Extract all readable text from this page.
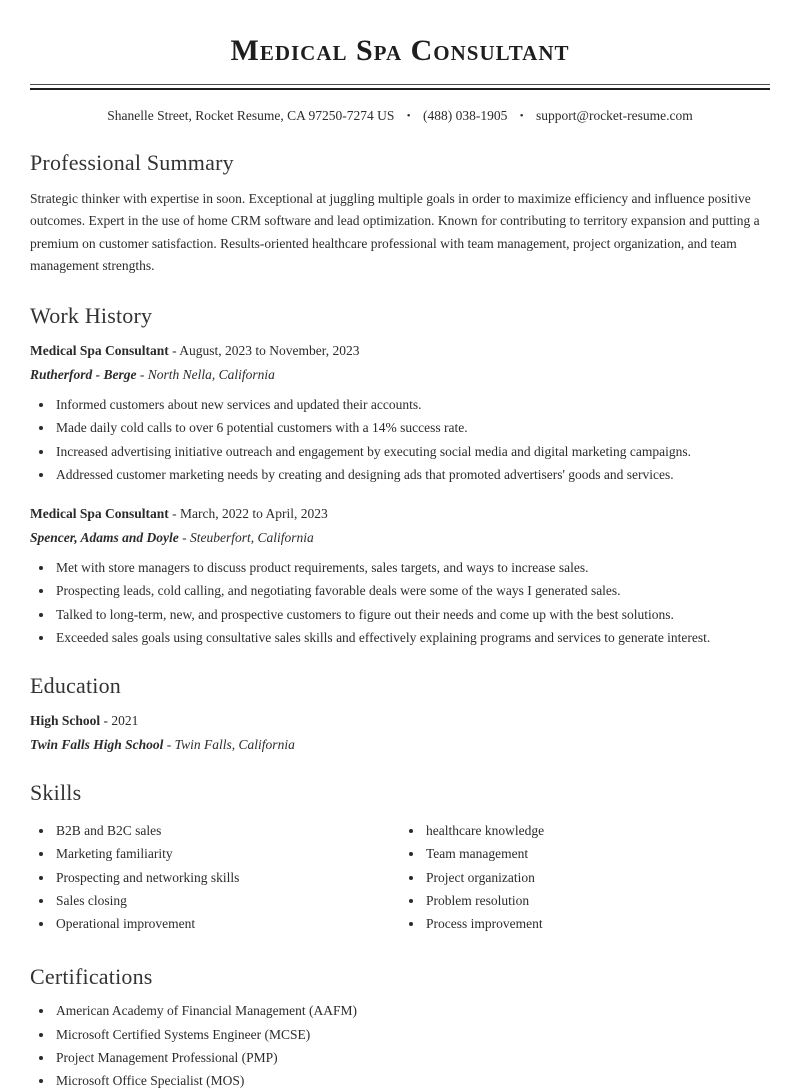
Medical Spa Consultant
Shanelle Street, Rocket Resume, CA 97250-7274 US • (488) 038-1905 • support@rocket-resume.com
Professional Summary

Strategic thinker with expertise in soon. Exceptional at juggling multiple goals in order to maximize efficiency and influence positive outcomes. Expert in the use of home CRM software and lead optimization. Known for contributing to territory expansion and putting a premium on customer satisfaction. Results-oriented healthcare professional with team management, project organization, and team management strengths.

Work History

Medical Spa Consultant - August, 2023 to November, 2023

Rutherford - Berge - North Nella, California

• Informed customers about new services and updated their accounts.
• Made daily cold calls to over 6 potential customers with a 14% success rate.
• Increased advertising initiative outreach and engagement by executing social media and digital marketing campaigns.
• Addressed customer marketing needs by creating and designing ads that promoted advertisers' goods and services.

Medical Spa Consultant - March, 2022 to April, 2023

Spencer, Adams and Doyle - Steuberfort, California

• Met with store managers to discuss product requirements, sales targets, and ways to increase sales.
• Prospecting leads, cold calling, and negotiating favorable deals were some of the ways I generated sales.
• Talked to long-term, new, and prospective customers to figure out their needs and come up with the best solutions.
• Exceeded sales goals using consultative sales skills and effectively explaining programs and services to generate interest.
Education

High School - 2021

Twin Falls High School - Twin Falls, California

Skills
• B2B and B2C sales
• Marketing familiarity
• Prospecting and networking skills
• Sales closing
• Operational improvement
• healthcare knowledge
• Team management
• Project organization
• Problem resolution
• Process improvement
Certifications
• American Academy of Financial Management (AAFM)
• Microsoft Certified Systems Engineer (MCSE)
• Project Management Professional (PMP)
• Microsoft Office Specialist (MOS)
